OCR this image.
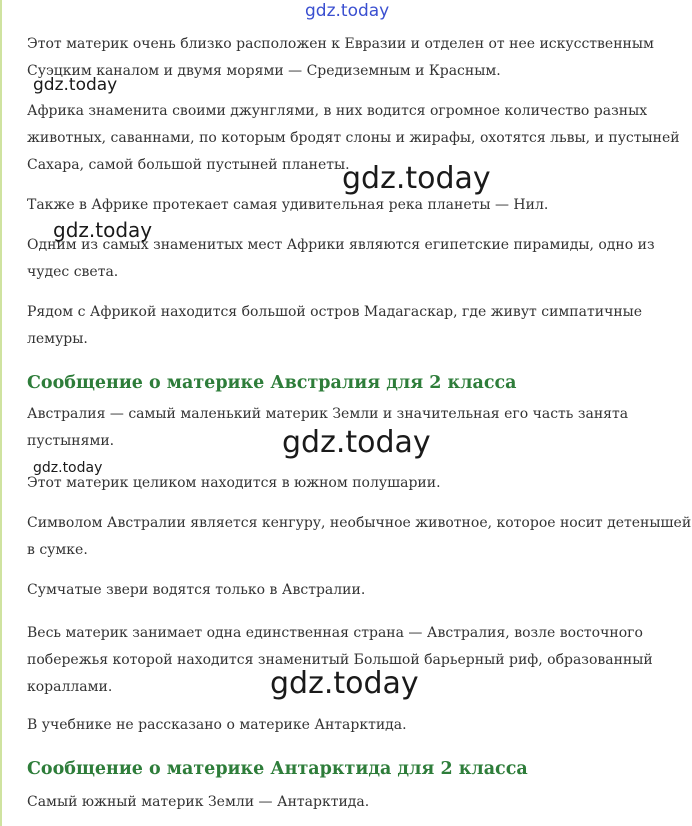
Этот материк очень близко расположен к Евразии и отделен от нее искусственным

Суэцким каналом и двумя морями — Средиземным и Красным.

Африка знаменита своими джунглями, в них водится огромное количество разных

животных, саваннами, по которым бродят слоны и жирафы, охотятся львы, и пустыней

Сахара, самой большой пустыней планеты.

Также в Африке протекает самая удивительная река планеты — Нил.

Одним из самых знаменитых мест Африки являются египетские пирамиды, одно из

чудес света.

Рядом с Африкой находится большой остров Мадагаскар, где живут симпатичные

лемуры.

Сообщение о материке Австралия для 2 класса

Австралия — самый маленький материк Земли и значительная его часть занята

пустынями.

Этот материк целиком находится в южном полушарии.

Символом Австралии является кенгуру, необычное животное, которое носит детенышей

в сумке.

Сумчатые звери водятся только в Австралии.

Весь материк занимает одна единственная страна — Австралия, возле восточного

побережья которой находится знаменитый Большой барьерный риф, образованный

кораллами.

В учебнике не рассказано о материке Антарктида.

Сообщение о материке Антарктида для 2 класса

Самый южный материк Земли — Антарктида.

gdz.today
gdz.today
gdz.today
gdz.today
gdz.today
gdz.today
gdz.today
